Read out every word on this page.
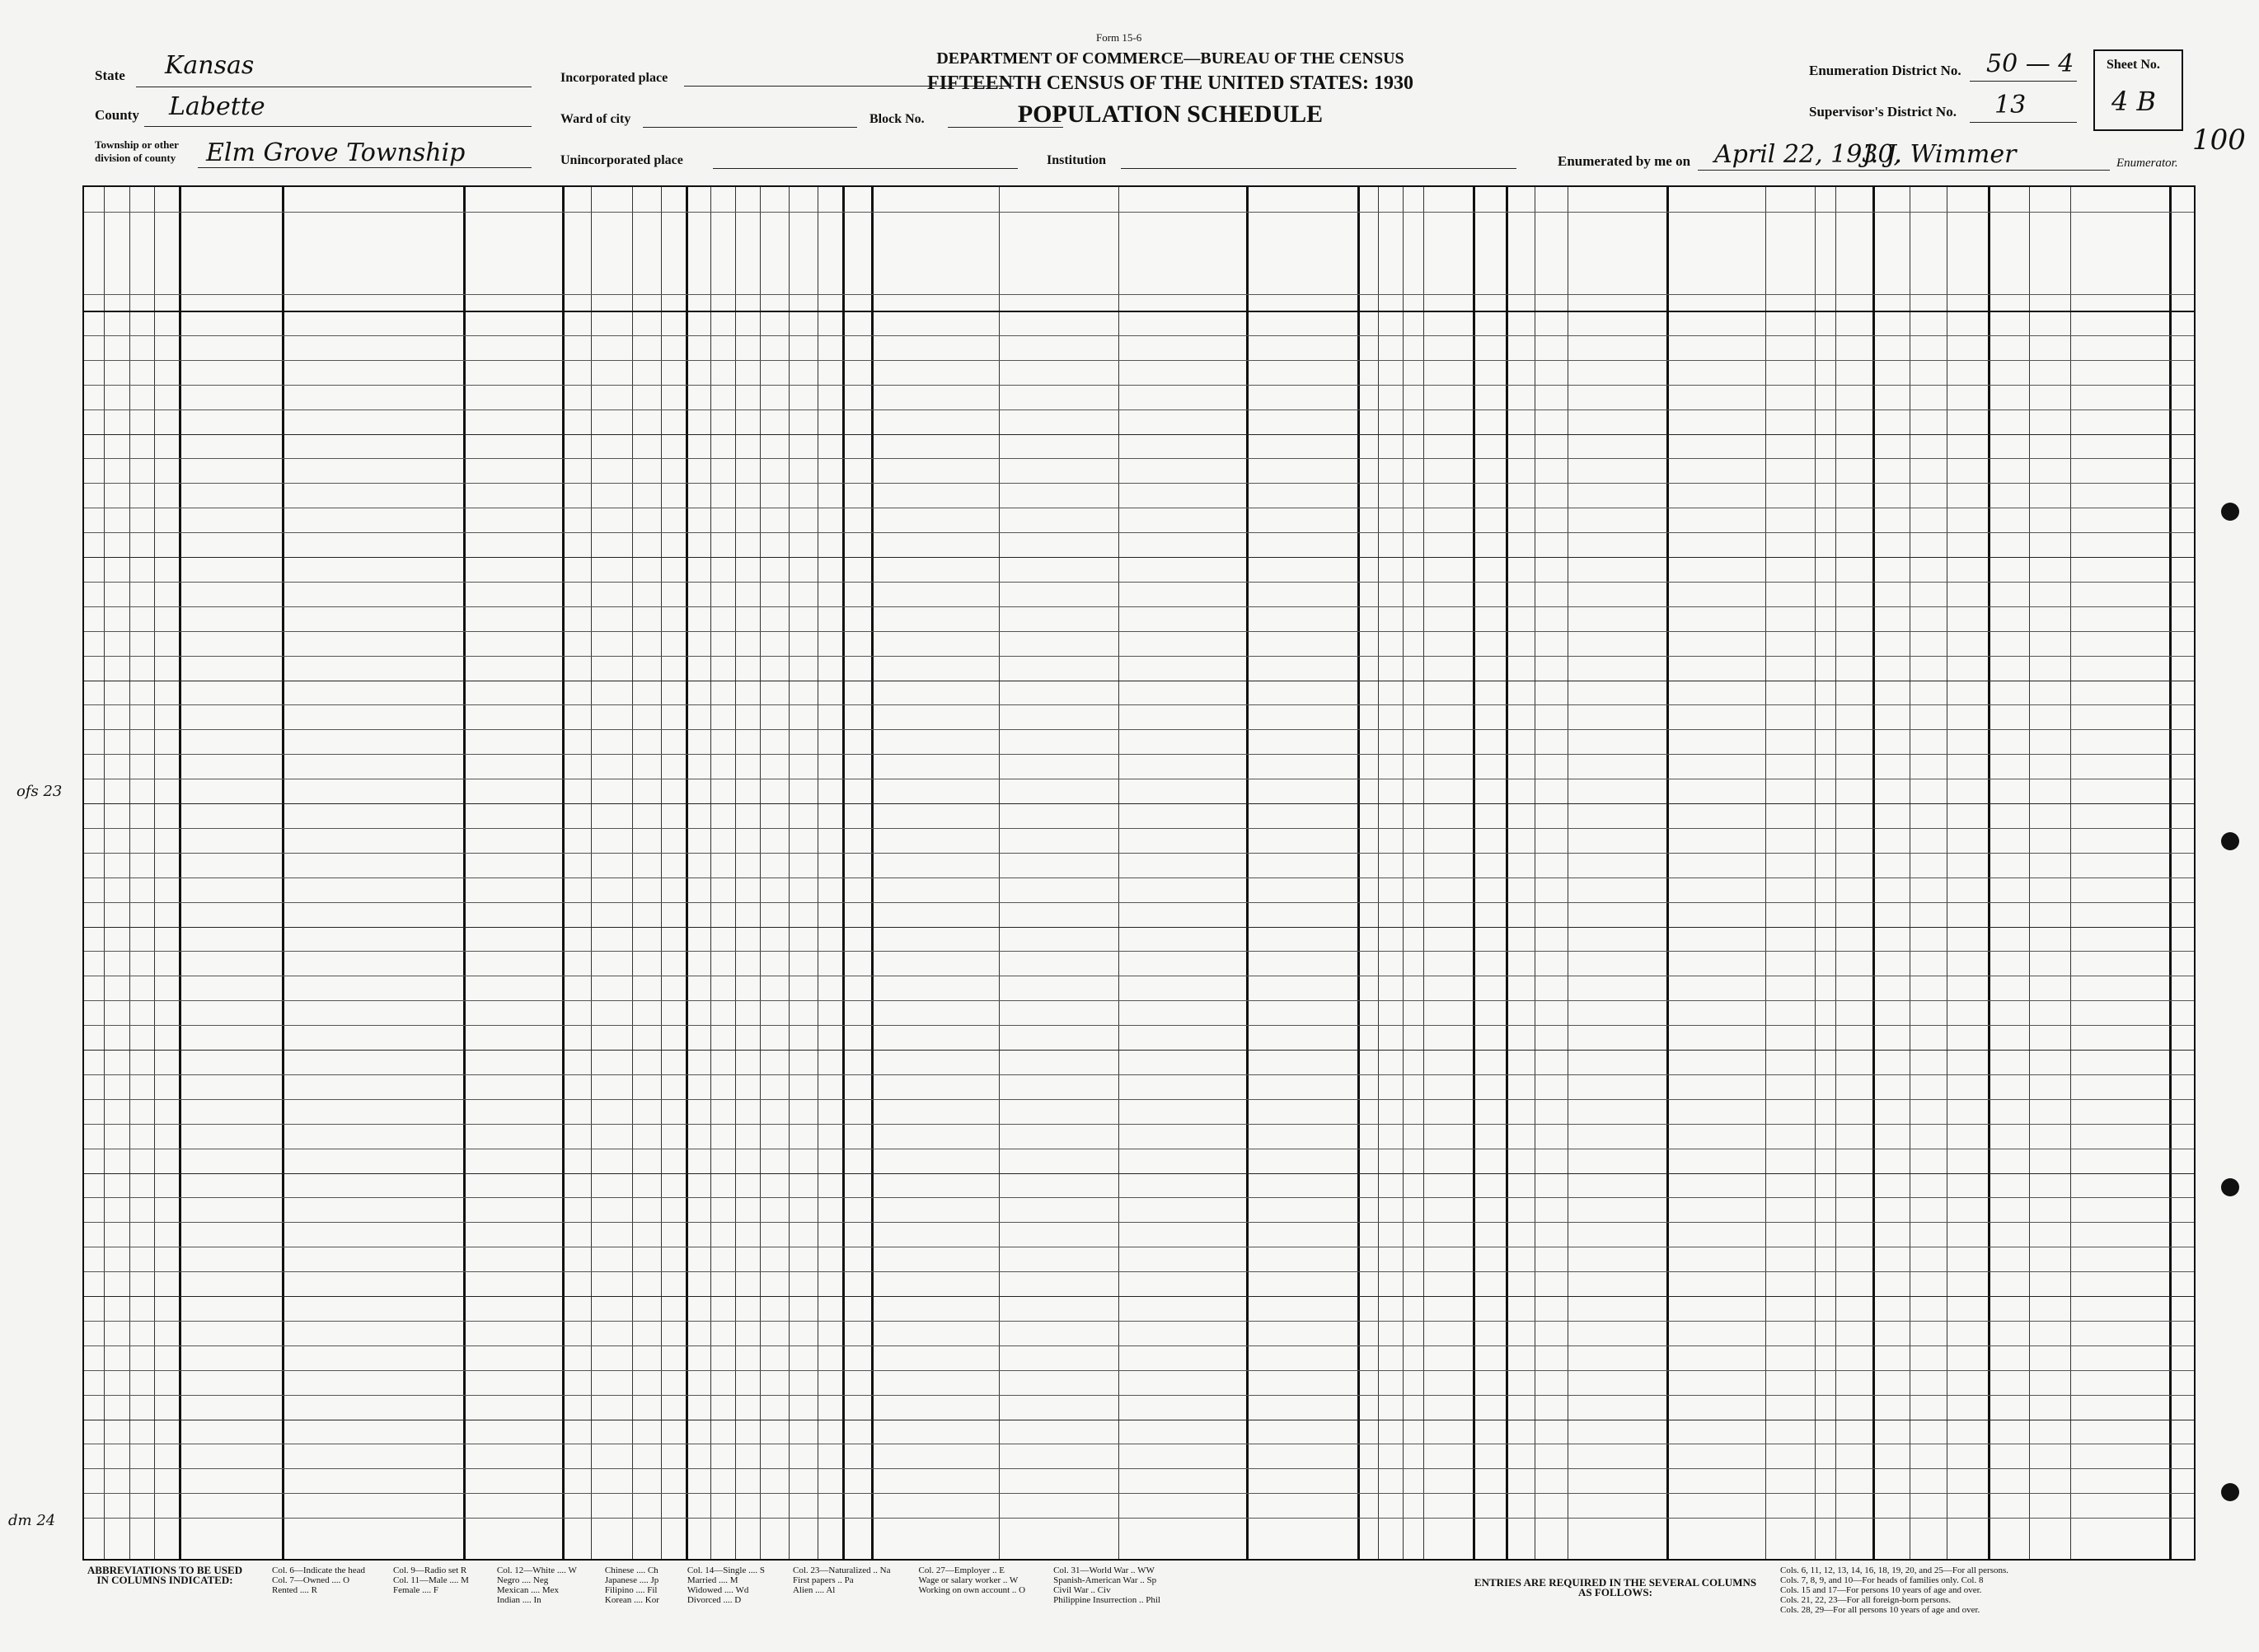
Form 15-6
DEPARTMENT OF COMMERCE—BUREAU OF THE CENSUS
FIFTEENTH CENSUS OF THE UNITED STATES: 1930
POPULATION SCHEDULE
State Kansas
County Labette
Township or other division of county	Elm Grove Township
Incorporated place
Ward of city	Block No.
Unincorporated place	Institution
Enumeration District No. 50 — 4
Supervisor's District No. 13
Sheet No.
4 B
Enumerated by me on April 22, 1930,
J. J. Wimmer	Enumerator.
100
ofs 23
dm 24
ABBREVIATIONS TO BE USED IN COLUMNS INDICATED:
Col. 6—Indicate the head
Col. 7—Owned .... O
Rented .... R
Col. 9—Radio set R
Col. 11—Male .... M
Female .... F
Col. 12—White .... W
Negro .... Neg
Mexican .... Mex
Indian .... In
Chinese .... Ch
Japanese .... Jp
Filipino .... Fil
Korean .... Kor
Col. 14—Single .... S
Married .... M
Widowed .... Wd
Divorced .... D
Col. 23—Naturalized .. Na
First papers .. Pa
Alien .... Al
Col. 27—Employer .. E
Wage or salary worker .. W
Working on own account .. O
Col. 31—World War .. WW
Spanish-American War .. Sp
Civil War .. Civ
Philippine Insurrection .. Phil
ENTRIES ARE REQUIRED IN THE SEVERAL COLUMNS AS FOLLOWS:
Cols. 6, 11, 12, 13, 14, 16, 18, 19, 20, and 25—For all persons.
Cols. 7, 8, 9, and 10—For heads of families only. Col. 8
Cols. 15 and 17—For persons 10 years of age and over.
Cols. 21, 22, 23—For all foreign-born persons.
Cols. 28, 29—For all persons 10 years of age and over.
